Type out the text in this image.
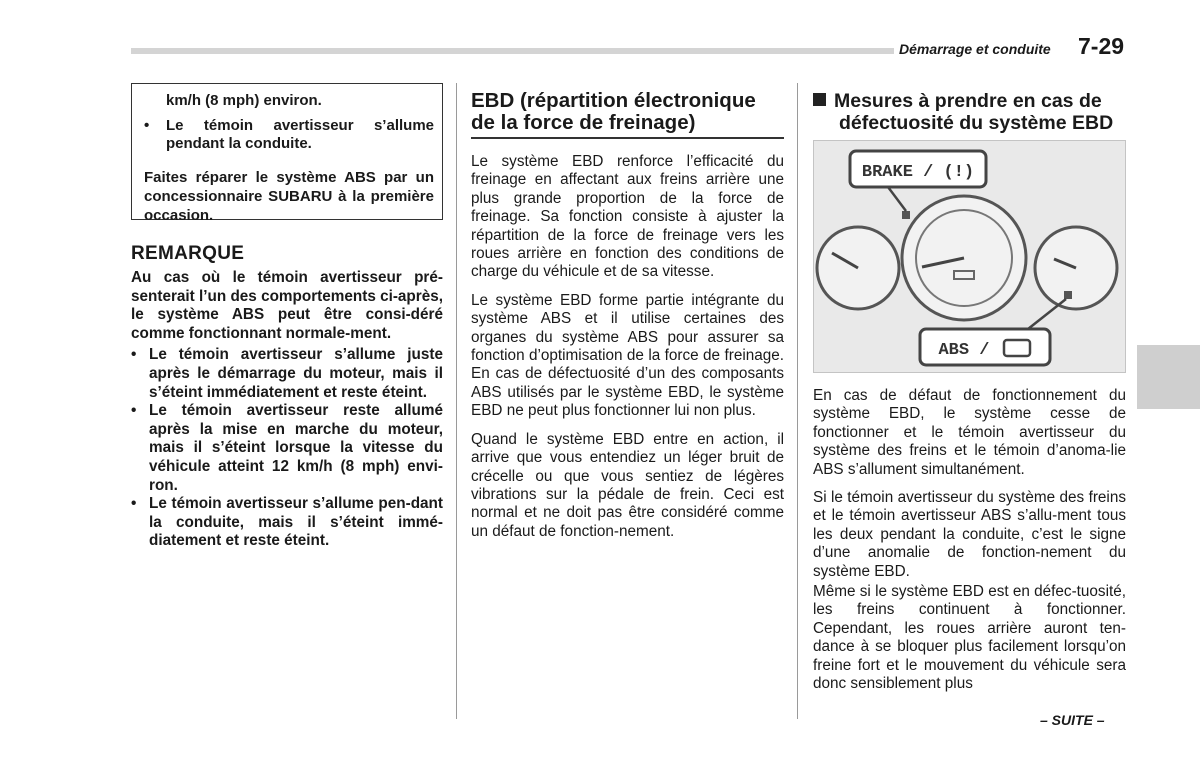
Démarrage et conduite 7-29

km/h (8 mph) environ.

•	Le témoin avertisseur s’allume pendant la conduite.

Faites réparer le système ABS par un concessionnaire SUBARU à la première occasion.

REMARQUE

Au cas où le témoin avertisseur pré-senterait l’un des comportements ci-après, le système ABS peut être consi-déré comme fonctionnant normale-ment.

• Le témoin avertisseur s’allume juste après le démarrage du moteur, mais il s’éteint immédiatement et reste éteint.
• Le témoin avertisseur reste allumé après la mise en marche du moteur, mais il s’éteint lorsque la vitesse du véhicule atteint 12 km/h (8 mph) envi-ron.
• Le témoin avertisseur s’allume pen-dant la conduite, mais il s’éteint immé-diatement et reste éteint.
EBD (répartition électronique
de la force de freinage)

Le système EBD renforce l’efficacité du freinage en affectant aux freins arrière une plus grande proportion de la force de freinage. Sa fonction consiste à ajuster la répartition de la force de freinage vers les roues arrière en fonction des conditions de charge du véhicule et de sa vitesse.

Le système EBD forme partie intégrante du système ABS et il utilise certaines des organes du système ABS pour assurer sa fonction d’optimisation de la force de freinage. En cas de défectuosité d’un des composants ABS utilisés par le système EBD, le système EBD ne peut plus fonctionner lui non plus.

Quand le système EBD entre en action, il arrive que vous entendiez un léger bruit de crécelle ou que vous sentiez de légères vibrations sur la pédale de frein. Ceci est normal et ne doit pas être considéré comme un défaut de fonction-nement.

Mesures à prendre en cas de
défectuosité du système EBD
BRAKE / (!)
ABS /

En cas de défaut de fonctionnement du système EBD, le système cesse de fonctionner et le témoin avertisseur du système des freins et le témoin d’anoma-lie ABS s’allument simultanément.

Si le témoin avertisseur du système des freins et le témoin avertisseur ABS s’allu-ment tous les deux pendant la conduite, c’est le signe d’une anomalie de fonction-nement du système EBD.

Même si le système EBD est en défec-tuosité, les freins continuent à fonctionner. Cependant, les roues arrière auront ten-dance à se bloquer plus facilement lorsqu’on freine fort et le mouvement du véhicule sera donc sensiblement plus

– SUITE –
